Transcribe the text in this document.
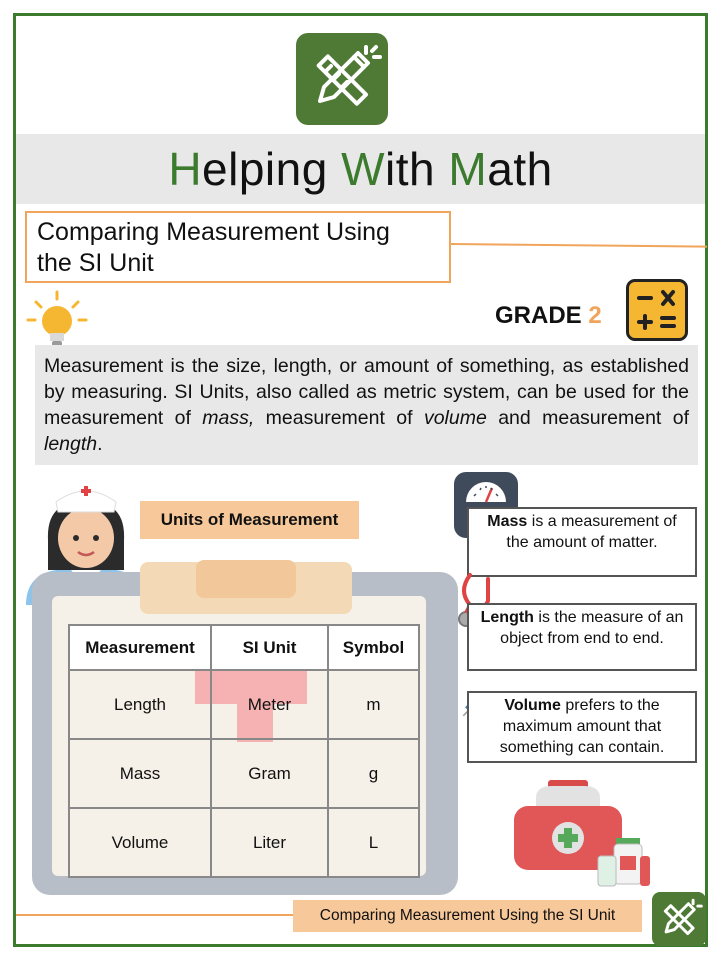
Helping With Math
Comparing Measurement Using
the SI Unit
GRADE 2
Measurement is the size, length, or amount of something, as established by measuring. SI Units, also called as metric system, can be used for the measurement of mass, measurement of volume and measurement of length.
Units of Measurement
Measurement	SI Unit	Symbol
Length	Meter	m
Mass	Gram	g
Volume	Liter	L
Mass is a measurement of the amount of matter.
Length is the measure of an object from end to end.
Volume prefers to the maximum amount that something can contain.
Comparing Measurement Using the SI Unit
